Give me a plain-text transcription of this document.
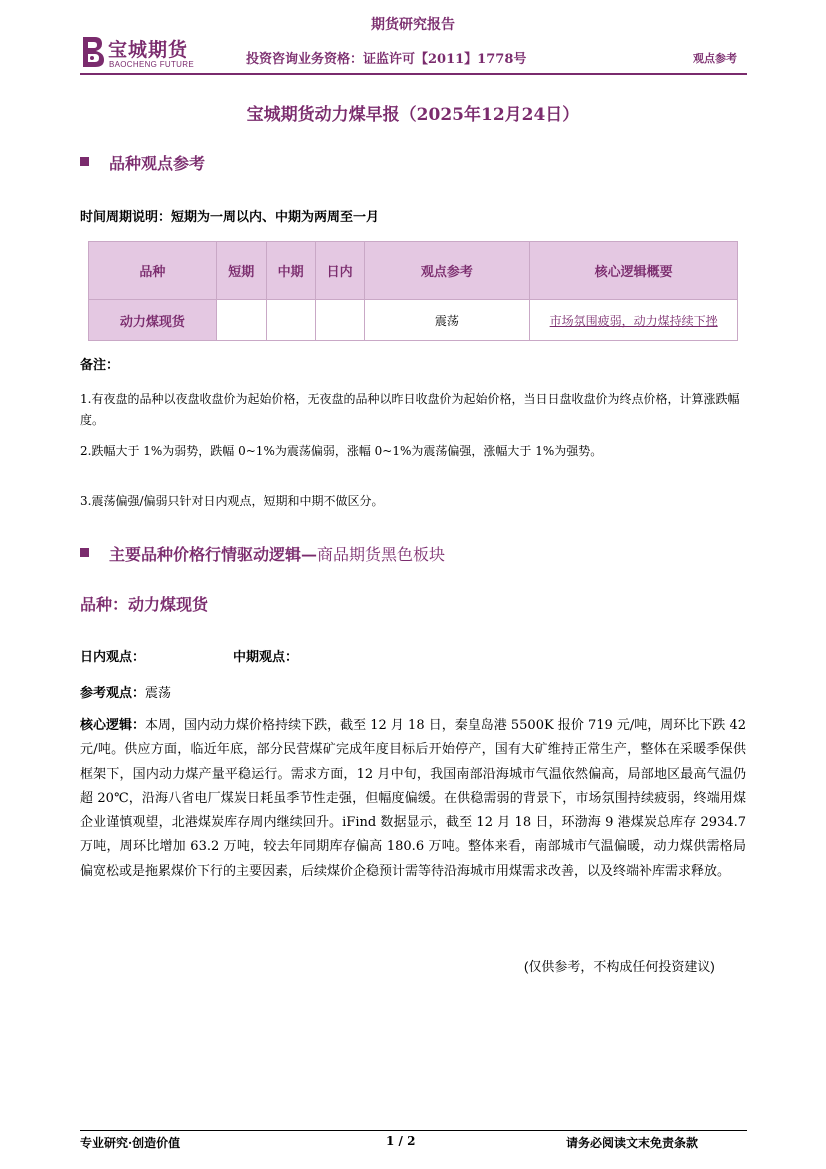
期货研究报告
宝城期货
BAOCHENG FUTURE	投资咨询业务资格：证监许可【2011】1778号	观点参考
宝城期货动力煤早报（2025年12月24日）
品种观点参考
时间周期说明：短期为一周以内、中期为两周至一月
品种	短期	中期	日内	观点参考	核心逻辑概要
动力煤现货				震荡	市场氛围疲弱，动力煤持续下挫
备注：
1.有夜盘的品种以夜盘收盘价为起始价格，无夜盘的品种以昨日收盘价为起始价格，当日日盘收盘价为终点价格，计算涨跌幅度。
2.跌幅大于 1%为弱势，跌幅 0~1%为震荡偏弱，涨幅 0~1%为震荡偏强，涨幅大于 1%为强势。
3.震荡偏强/偏弱只针对日内观点，短期和中期不做区分。
主要品种价格行情驱动逻辑—商品期货黑色板块
品种：动力煤现货
日内观点：	中期观点：
参考观点：震荡
核心逻辑：本周，国内动力煤价格持续下跌，截至 12 月 18 日，秦皇岛港 5500K 报价 719 元/吨，周环比下跌 42 元/吨。供应方面，临近年底，部分民营煤矿完成年度目标后开始停产，国有大矿维持正常生产，整体在采暖季保供框架下，国内动力煤产量平稳运行。需求方面，12 月中旬，我国南部沿海城市气温依然偏高，局部地区最高气温仍超 20℃，沿海八省电厂煤炭日耗虽季节性走强，但幅度偏缓。在供稳需弱的背景下，市场氛围持续疲弱，终端用煤企业谨慎观望，北港煤炭库存周内继续回升。iFind 数据显示，截至 12 月 18 日，环渤海 9 港煤炭总库存 2934.7 万吨，周环比增加 63.2 万吨，较去年同期库存偏高 180.6 万吨。整体来看，南部城市气温偏暖，动力煤供需格局偏宽松或是拖累煤价下行的主要因素，后续煤价企稳预计需等待沿海城市用煤需求改善，以及终端补库需求释放。
(仅供参考，不构成任何投资建议)
专业研究·创造价值	1 / 2	请务必阅读文末免责条款
